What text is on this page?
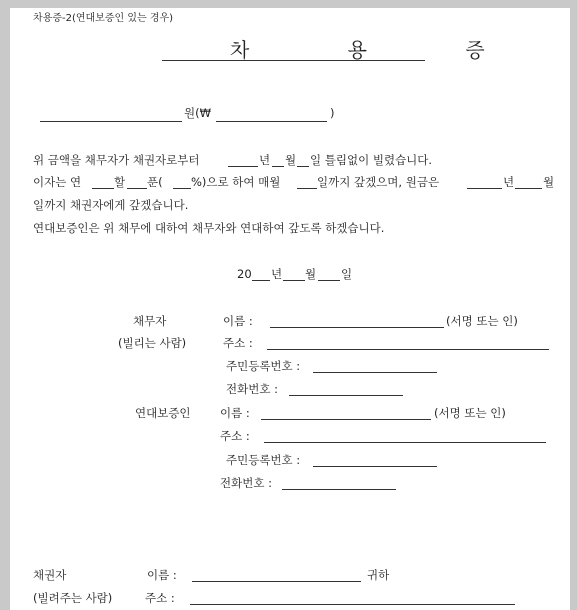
차용증-2(연대보증인 있는 경우)
차 용 증
원(₩	)
위 금액을 채무자가 채권자로부터	년 월 일 틀림없이 빌렸습니다.
이자는 연	할 푼( %)으로 하여 매월	일까지 갚겠으며, 원금은	년	월
일까지 채권자에게 갚겠습니다.
연대보증인은 위 채무에 대하여 채무자와 연대하여 갚도록 하겠습니다.
20 년 월 일
채무자
(빌리는 사람)
이름 :	(서명 또는 인)
주소 :
주민등록번호 :
전화번호 :
연대보증인	이름 :	(서명 또는 인)
주소 :
주민등록번호 :
전화번호 :
채권자
(빌려주는 사람)
이름 :	귀하
주소 :
